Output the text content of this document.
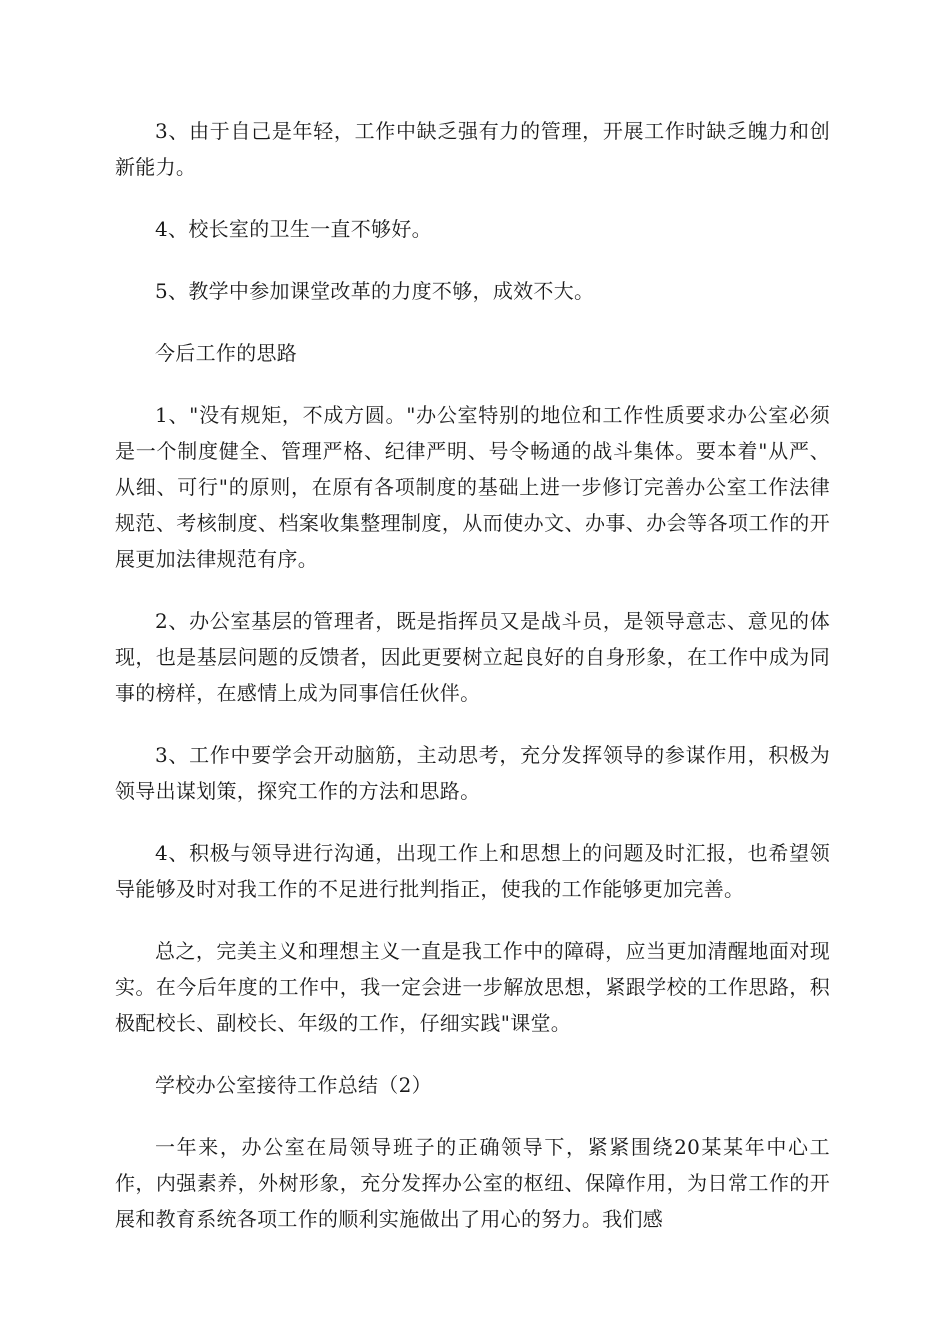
3、由于自己是年轻，工作中缺乏强有力的管理，开展工作时缺乏魄力和创新能力。

4、校长室的卫生一直不够好。

5、教学中参加课堂改革的力度不够，成效不大。

今后工作的思路

1、"没有规矩，不成方圆。"办公室特别的地位和工作性质要求办公室必须是一个制度健全、管理严格、纪律严明、号令畅通的战斗集体。要本着"从严、从细、可行"的原则，在原有各项制度的基础上进一步修订完善办公室工作法律规范、考核制度、档案收集整理制度，从而使办文、办事、办会等各项工作的开展更加法律规范有序。

2、办公室基层的管理者，既是指挥员又是战斗员，是领导意志、意见的体现，也是基层问题的反馈者，因此更要树立起良好的自身形象，在工作中成为同事的榜样，在感情上成为同事信任伙伴。

3、工作中要学会开动脑筋，主动思考，充分发挥领导的参谋作用，积极为领导出谋划策，探究工作的方法和思路。

4、积极与领导进行沟通，出现工作上和思想上的问题及时汇报，也希望领导能够及时对我工作的不足进行批判指正，使我的工作能够更加完善。

总之，完美主义和理想主义一直是我工作中的障碍，应当更加清醒地面对现实。在今后年度的工作中，我一定会进一步解放思想，紧跟学校的工作思路，积极配校长、副校长、年级的工作，仔细实践"课堂。

学校办公室接待工作总结（2）

一年来，办公室在局领导班子的正确领导下，紧紧围绕20某某年中心工作，内强素养，外树形象，充分发挥办公室的枢纽、保障作用，为日常工作的开展和教育系统各项工作的顺利实施做出了用心的努力。我们感
